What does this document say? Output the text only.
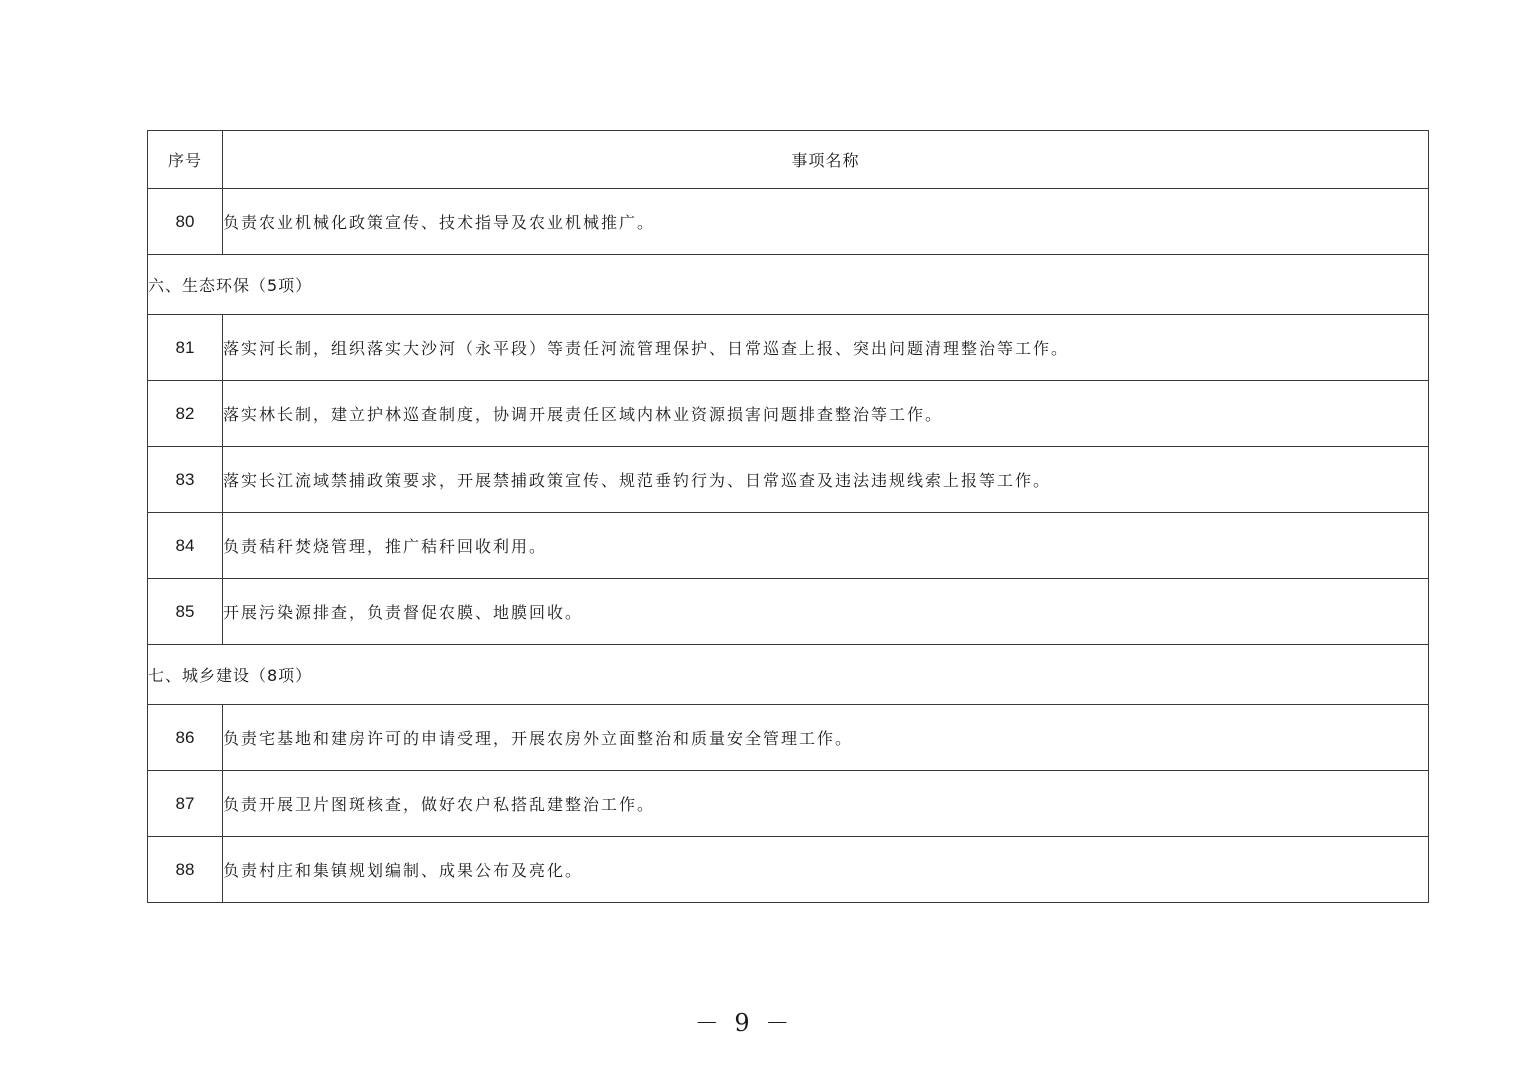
序号	事项名称
80	负责农业机械化政策宣传、技术指导及农业机械推广。
六、生态环保（5项）	
81	落实河长制，组织落实大沙河（永平段）等责任河流管理保护、日常巡查上报、突出问题清理整治等工作。
82	落实林长制，建立护林巡查制度，协调开展责任区域内林业资源损害问题排查整治等工作。
83	落实长江流域禁捕政策要求，开展禁捕政策宣传、规范垂钓行为、日常巡查及违法违规线索上报等工作。
84	负责秸秆焚烧管理，推广秸秆回收利用。
85	开展污染源排查，负责督促农膜、地膜回收。
七、城乡建设（8项）	
86	负责宅基地和建房许可的申请受理，开展农房外立面整治和质量安全管理工作。
87	负责开展卫片图斑核查，做好农户私搭乱建整治工作。
88	负责村庄和集镇规划编制、成果公布及亮化。
－ 9 －
